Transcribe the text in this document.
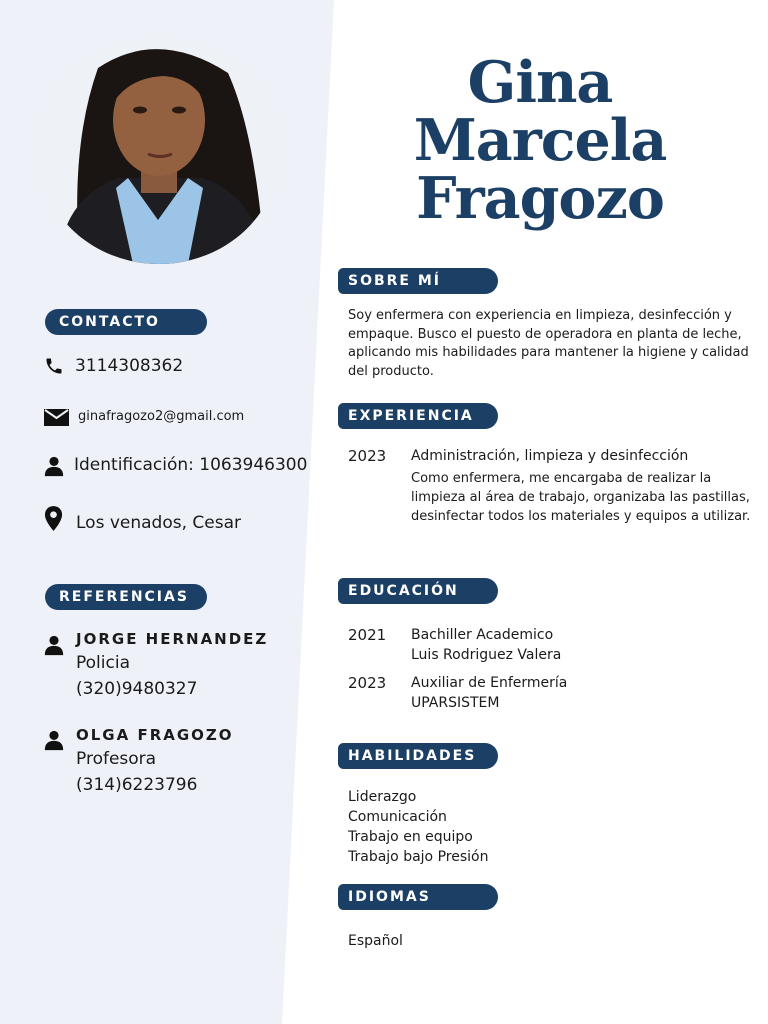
Gina Marcela
Fragozo
CONTACTO
3114308362
ginafragozo2@gmail.com
Identificación: 1063946300
Los venados, Cesar
REFERENCIAS
JORGE HERNANDEZ
Policia
(320)9480327
OLGA FRAGOZO
Profesora
(314)6223796
SOBRE MÍ
Soy enfermera con experiencia en limpieza, desinfección y
empaque. Busco el puesto de operadora en planta de leche,
aplicando mis habilidades para mantener la higiene y calidad
del producto.
EXPERIENCIA
2023 Administración, limpieza y desinfección
Como enfermera, me encargaba de realizar la
limpieza al área de trabajo, organizaba las pastillas,
desinfectar todos los materiales y equipos a utilizar.
EDUCACIÓN
2021 Bachiller Academico
Luis Rodriguez Valera
2023 Auxiliar de Enfermería
UPARSISTEM
HABILIDADES
Liderazgo
Comunicación
Trabajo en equipo
Trabajo bajo Presión
IDIOMAS
Español
